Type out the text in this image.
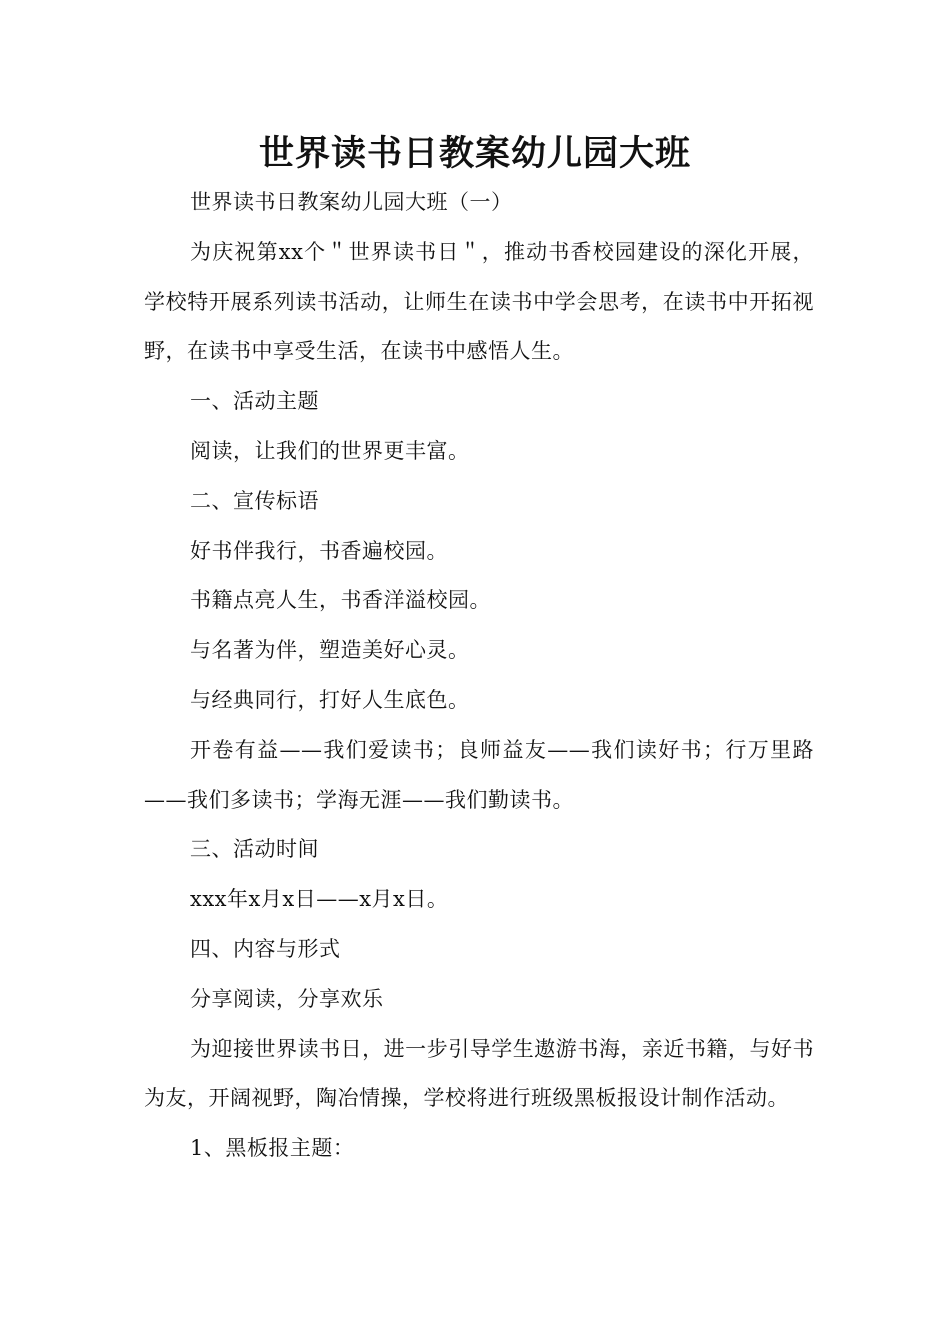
世界读书日教案幼儿园大班

世界读书日教案幼儿园大班（一）

为庆祝第xx个＂世界读书日＂，推动书香校园建设的深化开展，学校特开展系列读书活动，让师生在读书中学会思考，在读书中开拓视野，在读书中享受生活，在读书中感悟人生。

一、活动主题

阅读，让我们的世界更丰富。

二、宣传标语

好书伴我行，书香遍校园。

书籍点亮人生，书香洋溢校园。

与名著为伴，塑造美好心灵。

与经典同行，打好人生底色。

开卷有益——我们爱读书；良师益友——我们读好书；行万里路——我们多读书；学海无涯——我们勤读书。

三、活动时间

xxx年x月x日——x月x日。

四、内容与形式

分享阅读，分享欢乐

为迎接世界读书日，进一步引导学生遨游书海，亲近书籍，与好书为友，开阔视野，陶冶情操，学校将进行班级黑板报设计制作活动。

1、黑板报主题：
